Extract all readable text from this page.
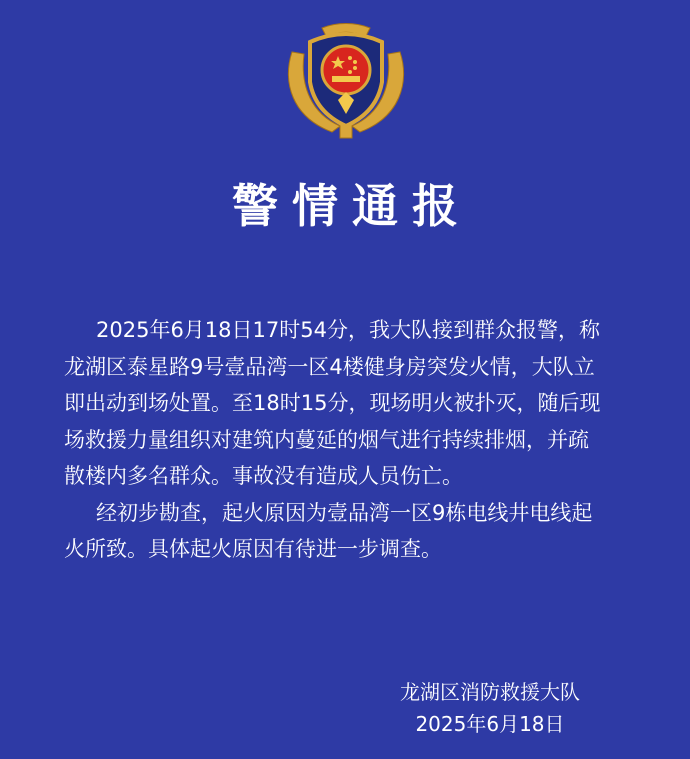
警情通报
2025年6月18日17时54分，我大队接到群众报警，称
龙湖区泰星路9号壹品湾一区4楼健身房突发火情，大队立
即出动到场处置。至18时15分，现场明火被扑灭，随后现
场救援力量组织对建筑内蔓延的烟气进行持续排烟，并疏
散楼内多名群众。事故没有造成人员伤亡。
经初步勘查，起火原因为壹品湾一区9栋电线井电线起
火所致。具体起火原因有待进一步调查。
龙湖区消防救援大队
2025年6月18日
